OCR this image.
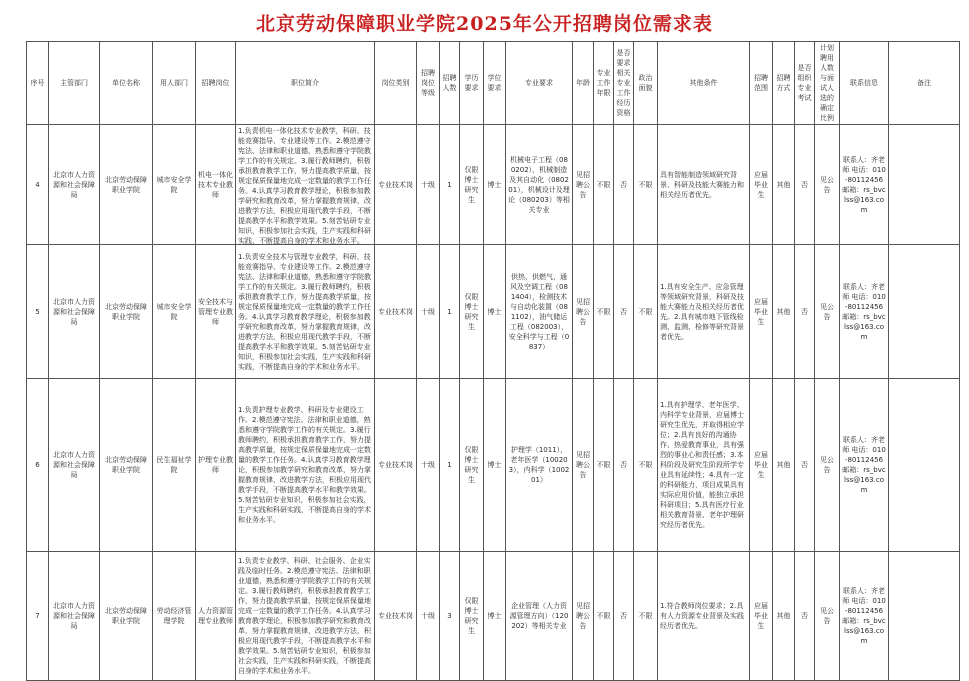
北京劳动保障职业学院2025年公开招聘岗位需求表
序号	主管部门	单位名称	用人部门	招聘岗位	职位简介	岗位类别	招聘岗位等级	招聘人数	学历要求	学位要求	专业要求	年龄	专业工作年限	是否要求相关专业工作经历资格	政治面貌	其他条件	招聘范围	招聘方式	是否组织专业考试	计划聘用人数与面试人选的确定比例	联系信息	备注
4	北京市人力资源和社会保障局	北京劳动保障职业学院	城市安全学院	机电一体化技术专业教师	1.负责机电一体化技术专业教学，科研、技能竞赛指导、专业建设等工作。2.模范遵守宪法、法律和职业道德，熟悉和遵守学院教学工作的有关规定。3.履行教师聘约，积极承担教育教学工作，努力提高教学质量，按规定保质保量地完成一定数量的教学工作任务。4.认真学习教育教学理论，积极参加教学研究和教育改革，努力掌握教育规律，改进教学方法，积极应用现代教学手段，不断提高教学水平和教学效果。5.刻苦钻研专业知识，积极参加社会实践，生产实践和科研实践，不断提高自身的学术和业务水平。	专业技术岗	十级	1	仅限博士研究生	博士	机械电子工程（080202），机械制造及其自动化（080201），机械设计及理论（080203）等相关专业	见招聘公告	不限	否	不限	具有智能制造领域研究背景、科研及技能大赛能力和相关经历者优先。	应届毕业生	其他	否	见公告	联系人：齐老师 电话：010-80112456 邮箱：rs_bvclss@163.com	
5	北京市人力资源和社会保障局	北京劳动保障职业学院	城市安全学院	安全技术与管理专业教师	1.负责安全技术与管理专业教学，科研、技能竞赛指导、专业建设等工作。2.模范遵守宪法、法律和职业道德，熟悉和遵守学院教学工作的有关规定。3.履行教师聘约，积极承担教育教学工作，努力提高教学质量，按规定保质保量地完成一定数量的教学工作任务。4.认真学习教育教学理论，积极参加教学研究和教育改革，努力掌握教育规律，改进教学方法，积极应用现代教学手段，不断提高教学水平和教学效果。5.刻苦钻研专业知识，积极参加社会实践，生产实践和科研实践，不断提高自身的学术和业务水平。	专业技术岗	十级	1	仅限博士研究生	博士	供热、供燃气、通风及空调工程（081404），检测技术与自动化装置（081102），油气储运工程（082003），安全科学与工程（0837）	见招聘公告	不限	否	不限	1.具有安全生产、应急管理等领域研究背景，科研及技能大赛能力及相关经历者优先。2.具有城市地下管线检测、监测、检修等研究背景者优先。	应届毕业生	其他	否	见公告	联系人：齐老师 电话：010-80112456 邮箱：rs_bvclss@163.com	
6	北京市人力资源和社会保障局	北京劳动保障职业学院	民生福祉学院	护理专业教师	1.负责护理专业教学、科研及专业建设工作。2.模范遵守宪法、法律和职业道德，熟悉和遵守学院教学工作的有关规定。3.履行教师聘约，积极承担教育教学工作，努力提高教学质量，按规定保质保量地完成一定数量的教学工作任务。4.认真学习教育教学理论，积极参加教学研究和教育改革，努力掌握教育规律，改进教学方法，积极应用现代教学手段，不断提高教学水平和教学效果。5.刻苦钻研专业知识，积极参加社会实践，生产实践和科研实践，不断提高自身的学术和业务水平。	专业技术岗	十级	1	仅限博士研究生	博士	护理学（1011），老年医学（100203），内科学（100201）	见招聘公告	不限	否	不限	1.具有护理学、老年医学、内科学专业背景，应届博士研究生优先，并取得相应学位；2.具有良好的沟通协作、热爱教育事业，具有强烈的事业心和责任感；3.本科阶段及研究生阶段所学专业具有延续性；4.具有一定的科研能力，项目成果具有实际应用价值，能独立承担科研项目；5.具有医疗行业相关教育背景、老年护理研究经历者优先。	应届毕业生	其他	否	见公告	联系人：齐老师 电话：010-80112456 邮箱：rs_bvclss@163.com	
7	北京市人力资源和社会保障局	北京劳动保障职业学院	劳动经济管理学院	人力资源管理专业教师	1.负责专业教学、科研、社会服务、企业实践及临时任务。2.模范遵守宪法、法律和职业道德，熟悉和遵守学院教学工作的有关规定。3.履行教师聘约，积极承担教育教学工作，努力提高教学质量，按规定保质保量地完成一定数量的教学工作任务。4.认真学习教育教学理论，积极参加教学研究和教育改革，努力掌握教育规律，改进教学方法，积极应用现代教学手段，不断提高教学水平和教学效果。5.刻苦钻研专业知识，积极参加社会实践，生产实践和科研实践，不断提高自身的学术和业务水平。	专业技术岗	十级	3	仅限博士研究生	博士	企业管理（人力资源管理方向）（120202）等相关专业	见招聘公告	不限	否	不限	1.符合教师岗位要求；2.具有人力资源专业背景及实践经历者优先。	应届毕业生	其他	否	见公告	联系人：齐老师 电话：010-80112456 邮箱：rs_bvclss@163.com	
